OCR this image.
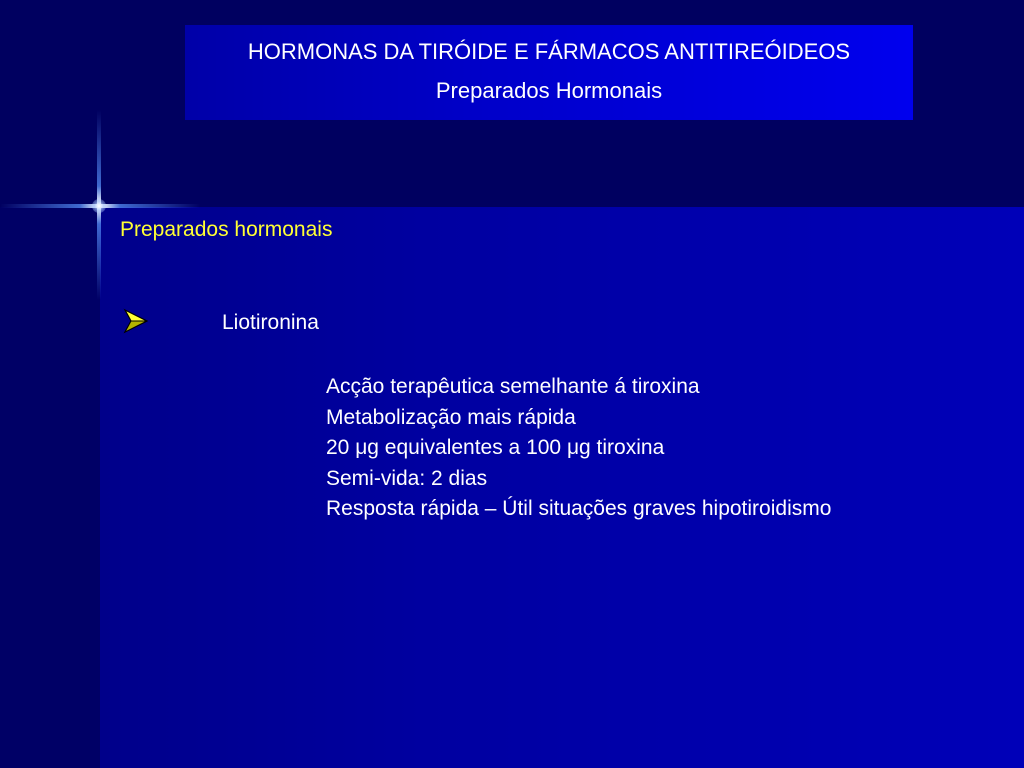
HORMONAS DA TIRÓIDE E FÁRMACOS ANTITIREÓIDEOS
Preparados Hormonais
Preparados hormonais
Liotironina
Acção terapêutica semelhante á tiroxina
Metabolização mais rápida
20 μg equivalentes a 100 μg tiroxina
Semi-vida: 2 dias
Resposta rápida – Útil situações graves hipotiroidismo
